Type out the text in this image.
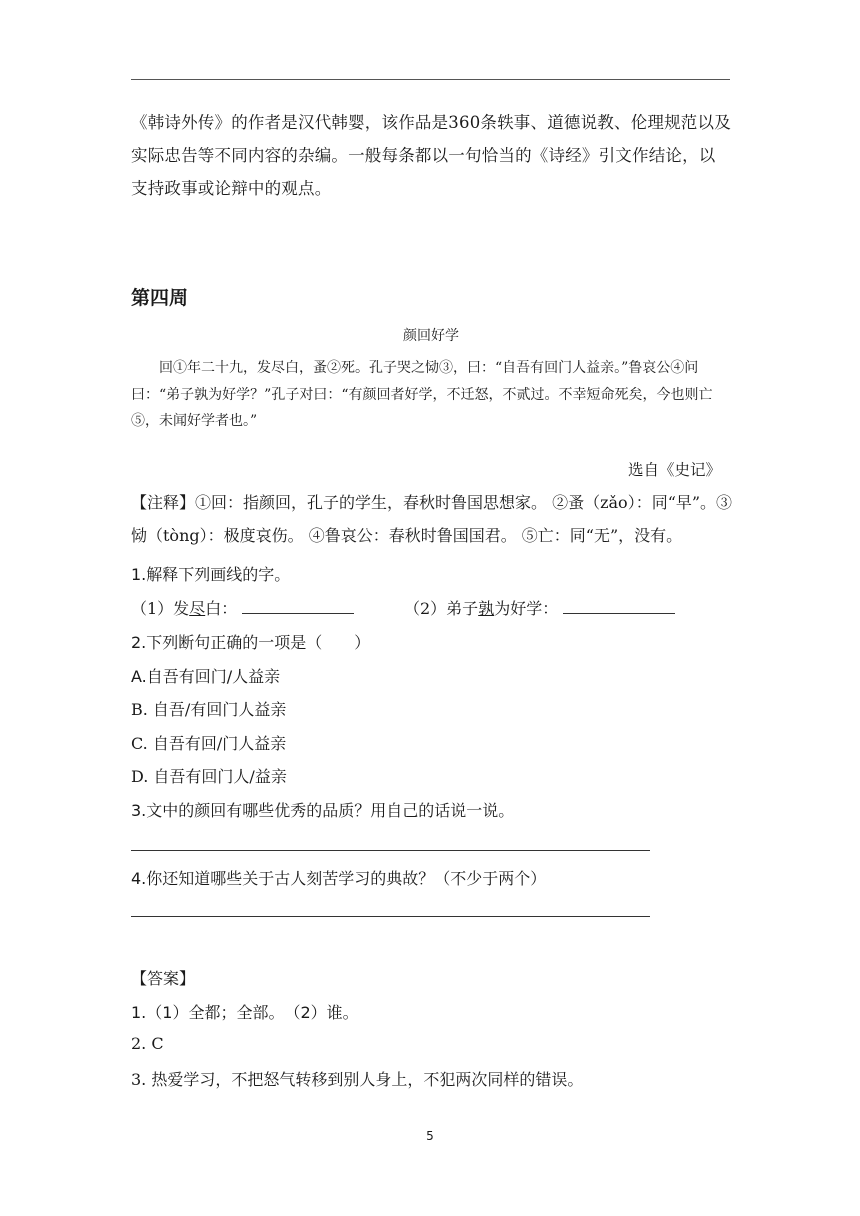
《韩诗外传》的作者是汉代韩婴，该作品是360条轶事、道德说教、伦理规范以及实际忠告等不同内容的杂编。一般每条都以一句恰当的《诗经》引文作结论，以支持政事或论辩中的观点。
第四周
颜回好学
回①年二十九，发尽白，蚤②死。孔子哭之恸③，曰：“自吾有回门人益亲。”鲁哀公④问曰：“弟子孰为好学？”孔子对曰：“有颜回者好学，不迁怒，不贰过。不幸短命死矣，今也则亡⑤，未闻好学者也。”
选自《史记》
【注释】①回：指颜回，孔子的学生，春秋时鲁国思想家。 ②蚤（zǎo）：同“早”。③恸（tòng）：极度哀伤。 ④鲁哀公：春秋时鲁国国君。 ⑤亡：同“无”，没有。
1.解释下列画线的字。
（1）发尽白：	（2）弟子孰为好学：
2.下列断句正确的一项是（　　）
A.自吾有回门/人益亲
B. 自吾/有回门人益亲
C. 自吾有回/门人益亲
D. 自吾有回门人/益亲
3.文中的颜回有哪些优秀的品质？用自己的话说一说。
4.你还知道哪些关于古人刻苦学习的典故？（不少于两个）
【答案】
1.（1）全都；全部。　（2）谁。
2. C
3. 热爱学习，不把怒气转移到别人身上，不犯两次同样的错误。
5
